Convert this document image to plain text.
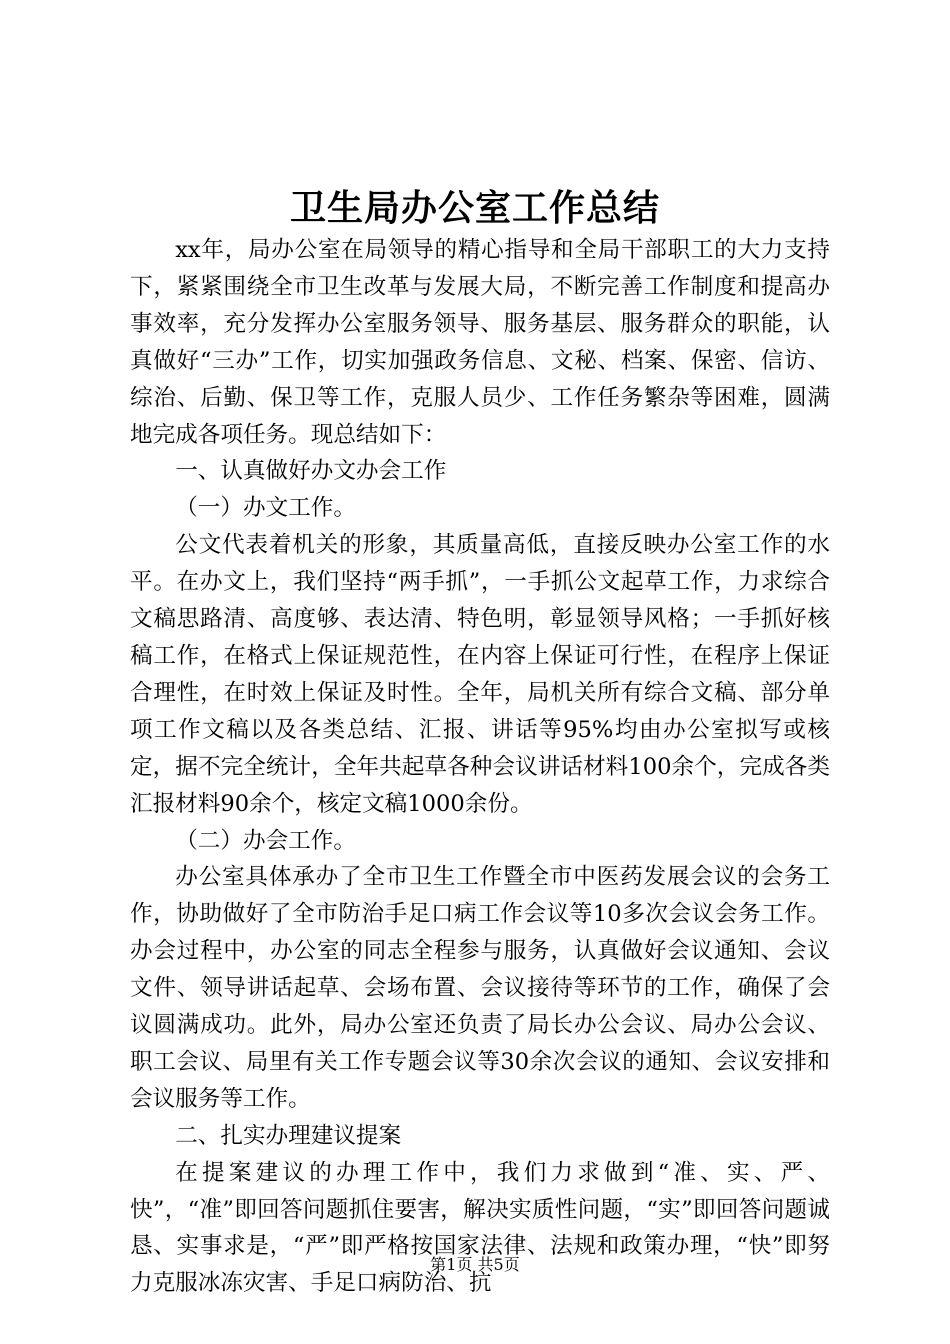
卫生局办公室工作总结

xx年，局办公室在局领导的精心指导和全局干部职工的大力支持下，紧紧围绕全市卫生改革与发展大局，不断完善工作制度和提高办事效率，充分发挥办公室服务领导、服务基层、服务群众的职能，认真做好“三办”工作，切实加强政务信息、文秘、档案、保密、信访、综治、后勤、保卫等工作，克服人员少、工作任务繁杂等困难，圆满地完成各项任务。现总结如下：

一、认真做好办文办会工作

（一）办文工作。

公文代表着机关的形象，其质量高低，直接反映办公室工作的水平。在办文上，我们坚持“两手抓”，一手抓公文起草工作，力求综合文稿思路清、高度够、表达清、特色明，彰显领导风格；一手抓好核稿工作，在格式上保证规范性，在内容上保证可行性，在程序上保证合理性，在时效上保证及时性。全年，局机关所有综合文稿、部分单项工作文稿以及各类总结、汇报、讲话等95%均由办公室拟写或核定，据不完全统计，全年共起草各种会议讲话材料100余个，完成各类汇报材料90余个，核定文稿1000余份。

（二）办会工作。

办公室具体承办了全市卫生工作暨全市中医药发展会议的会务工作，协助做好了全市防治手足口病工作会议等10多次会议会务工作。办会过程中，办公室的同志全程参与服务，认真做好会议通知、会议文件、领导讲话起草、会场布置、会议接待等环节的工作，确保了会议圆满成功。此外，局办公室还负责了局长办公会议、局办公会议、职工会议、局里有关工作专题会议等30余次会议的通知、会议安排和会议服务等工作。

二、扎实办理建议提案

在提案建议的办理工作中，我们力求做到“准、实、严、快”，“准”即回答问题抓住要害，解决实质性问题，“实”即回答问题诚恳、实事求是，“严”即严格按国家法律、法规和政策办理，“快”即努力克服冰冻灾害、手足口病防治、抗

第1页 共5页
